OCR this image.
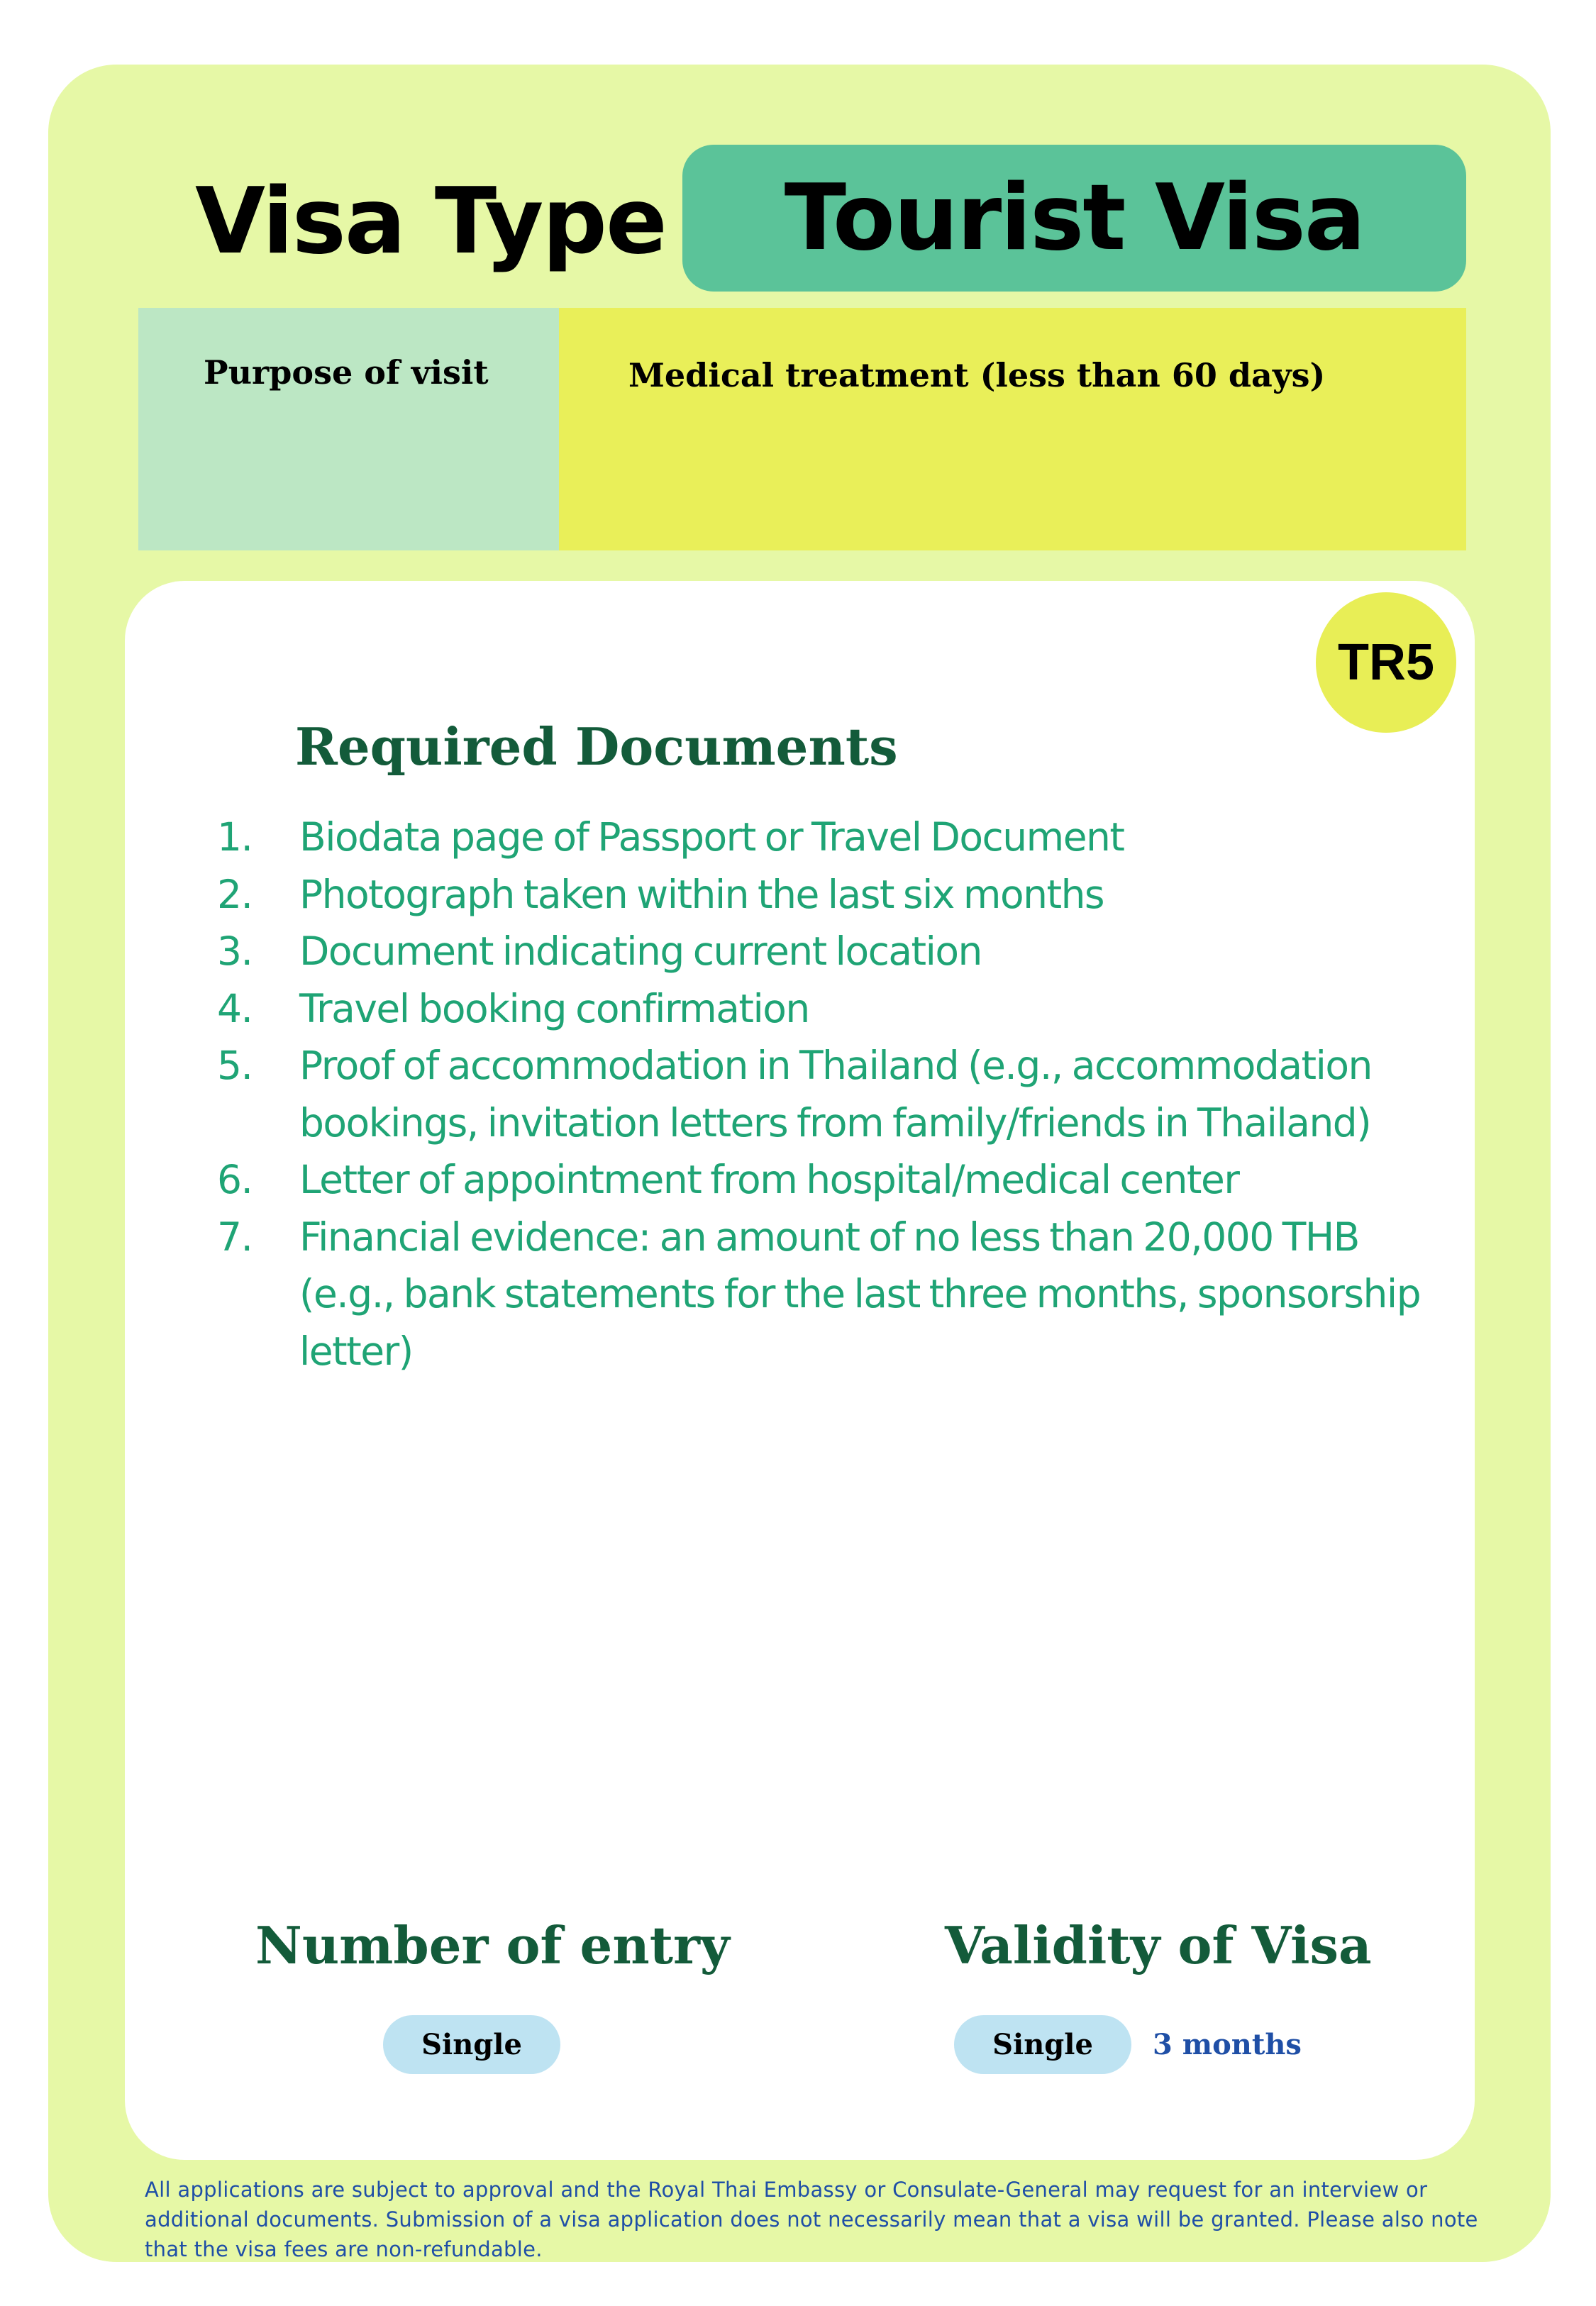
Visa Type	Tourist Visa
Purpose of visit	Medical treatment (less than 60 days)
TR5
Required Documents
1.	Biodata page of Passport or Travel Document
2.	Photograph taken within the last six months
3.	Document indicating current location
4.	Travel booking confirmation
5.	Proof of accommodation in Thailand (e.g., accommodation bookings, invitation letters from family/friends in Thailand)
6.	Letter of appointment from hospital/medical center
7.	Financial evidence: an amount of no less than 20,000 THB (e.g., bank statements for the last three months, sponsorship letter)
Number of entry	Validity of Visa
Single	Single	3 months

All applications are subject to approval and the Royal Thai Embassy or Consulate-General may request for an interview or additional documents. Submission of a visa application does not necessarily mean that a visa will be granted. Please also note that the visa fees are non-refundable.
